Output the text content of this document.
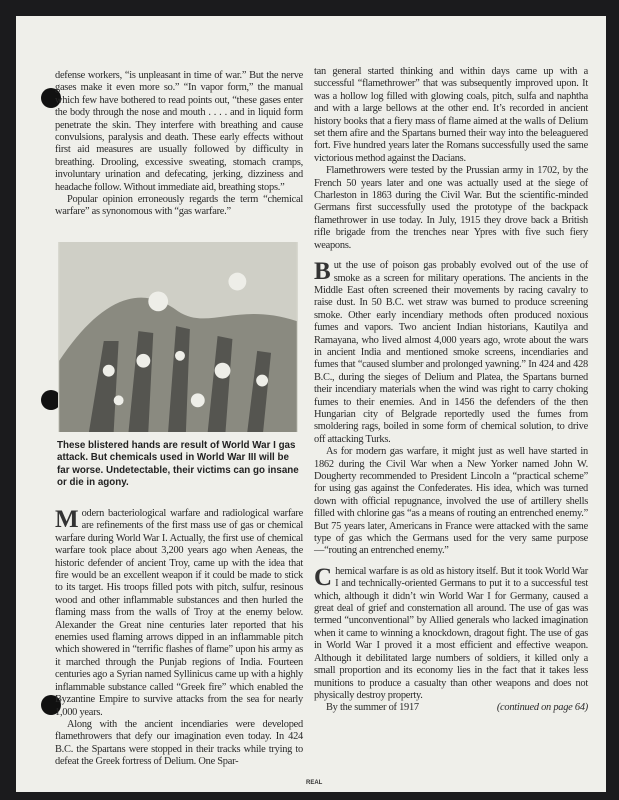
defense workers, “is unpleasant in time of war.” But the nerve gases make it even more so.” “In vapor form,” the manual which few have bothered to read points out, “these gases enter the body through the nose and mouth . . . . and in liquid form penetrate the skin. They interfere with breathing and cause convulsions, paralysis and death. These early effects without first aid measures are usually followed by difficulty in breathing. Drooling, excessive sweating, stomach cramps, involuntary urination and defecating, jerking, dizziness and headache follow. Without immediate aid, breathing stops.”

Popular opinion erroneously regards the term “chemical warfare” as synonomous with “gas warfare.”

These blistered hands are result of World War I gas attack. But chemicals used in World War III will be far worse. Undetectable, their victims can go insane or die in agony.

Modern bacteriological warfare and radiological warfare are refinements of the first mass use of gas or chemical warfare during World War I. Actually, the first use of chemical warfare took place about 3,200 years ago when Aeneas, the historic defender of ancient Troy, came up with the idea that fire would be an excellent weapon if it could be made to stick to its target. His troops filled pots with pitch, sulfur, resinous wood and other inflammable substances and then hurled the flaming mass from the walls of Troy at the enemy below. Alexander the Great nine centuries later reported that his enemies used flaming arrows dipped in an inflammable pitch which showered in “terrific flashes of flame” upon his army as it marched through the Punjab regions of India. Fourteen centuries ago a Syrian named Syllinicus came up with a highly inflammable substance called “Greek fire” which enabled the Byzantine Empire to survive attacks from the sea for nearly 1,000 years.

Along with the ancient incendiaries were developed flamethrowers that defy our imagination even today. In 424 B.C. the Spartans were stopped in their tracks while trying to defeat the Greek fortress of Delium. One Spar-

tan general started thinking and within days came up with a successful “flamethrower” that was subsequently improved upon. It was a hollow log filled with glowing coals, pitch, sulfa and naphtha and with a large bellows at the other end. It’s recorded in ancient history books that a fiery mass of flame aimed at the walls of Delium set them afire and the Spartans burned their way into the beleaguered fort. Five hundred years later the Romans successfully used the same victorious method against the Dacians.

Flamethrowers were tested by the Prussian army in 1702, by the French 50 years later and one was actually used at the siege of Charleston in 1863 during the Civil War. But the scientific-minded Germans first successfully used the prototype of the backpack flamethrower in use today. In July, 1915 they drove back a British rifle brigade from the trenches near Ypres with five such fiery weapons.

But the use of poison gas probably evolved out of the use of smoke as a screen for military operations. The ancients in the Middle East often screened their movements by racing cavalry to raise dust. In 50 B.C. wet straw was burned to produce screening smoke. Other early incendiary methods often produced noxious fumes and vapors. Two ancient Indian historians, Kautilya and Ramayana, who lived almost 4,000 years ago, wrote about the wars in ancient India and mentioned smoke screens, incendiaries and fumes that “caused slumber and prolonged yawning.” In 424 and 428 B.C., during the sieges of Delium and Platea, the Spartans burned their incendiary materials when the wind was right to carry choking fumes to their enemies. And in 1456 the defenders of the then Hungarian city of Belgrade reportedly used the fumes from smoldering rags, boiled in some form of chemical solution, to drive off attacking Turks.

As for modern gas warfare, it might just as well have started in 1862 during the Civil War when a New Yorker named John W. Dougherty recommended to President Lincoln a “practical scheme” for using gas against the Confederates. His idea, which was turned down with official repugnance, involved the use of artillery shells filled with chlorine gas “as a means of routing an entrenched enemy.” But 75 years later, Americans in France were attacked with the same type of gas which the Germans used for the very same purpose—“routing an entrenched enemy.”

Chemical warfare is as old as history itself. But it took World War I and technically-oriented Germans to put it to a successful test which, although it didn’t win World War I for Germany, caused a great deal of grief and consternation all around. The use of gas was termed “unconventional” by Allied generals who lacked imagination when it came to winning a knockdown, dragout fight. The use of gas in World War I proved it a most efficient and effective weapon. Although it debilitated large numbers of soldiers, it killed only a small proportion and its economy lies in the fact that it takes less munitions to produce a casualty than other weapons and does not physically destroy property.

By the summer of 1917	(continued on page 64)

REAL
